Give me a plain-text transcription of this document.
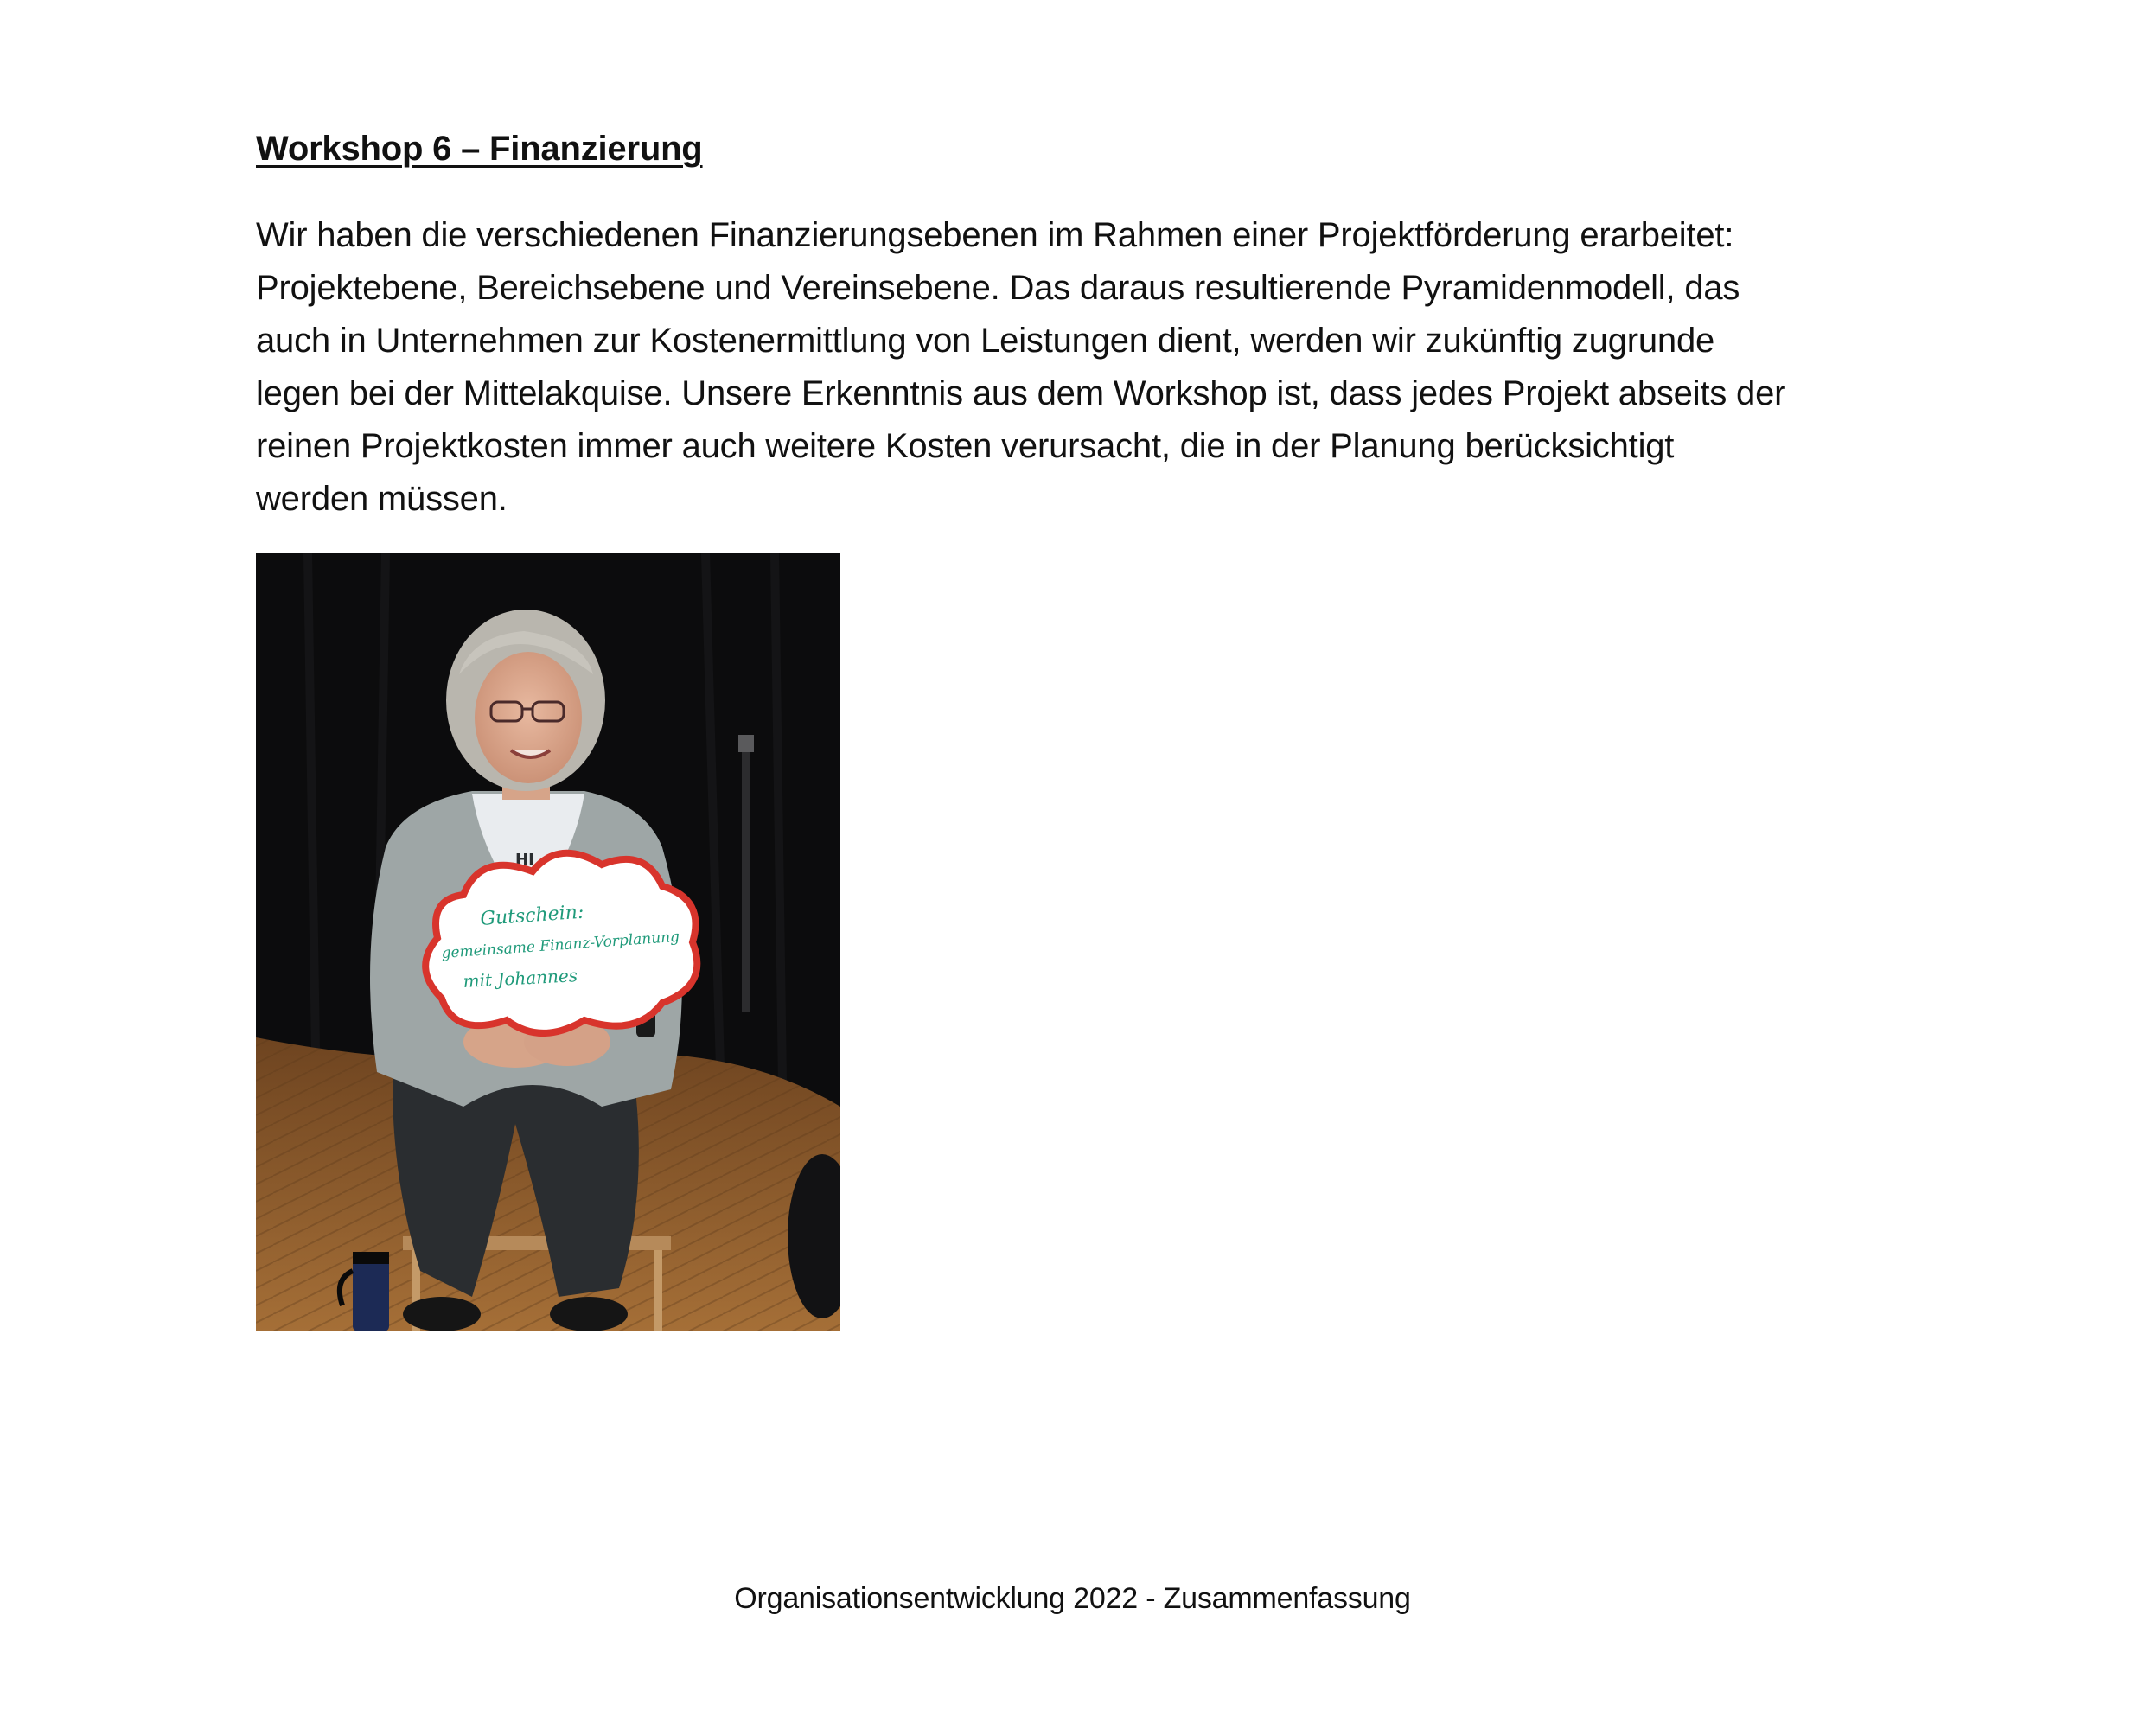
Workshop 6 – Finanzierung
Wir haben die verschiedenen Finanzierungsebenen im Rahmen einer Projektförderung erarbeitet:
Projektebene, Bereichsebene und Vereinsebene. Das daraus resultierende Pyramidenmodell, das
auch in Unternehmen zur Kostenermittlung von Leistungen dient, werden wir zukünftig zugrunde
legen bei der Mittelakquise. Unsere Erkenntnis aus dem Workshop ist, dass jedes Projekt abseits der
reinen Projektkosten immer auch weitere Kosten verursacht, die in der Planung berücksichtigt
werden müssen.
HI
Gutschein:
gemeinsame Finanz-Vorplanung
mit Johannes
Organisationsentwicklung 2022 - Zusammenfassung
